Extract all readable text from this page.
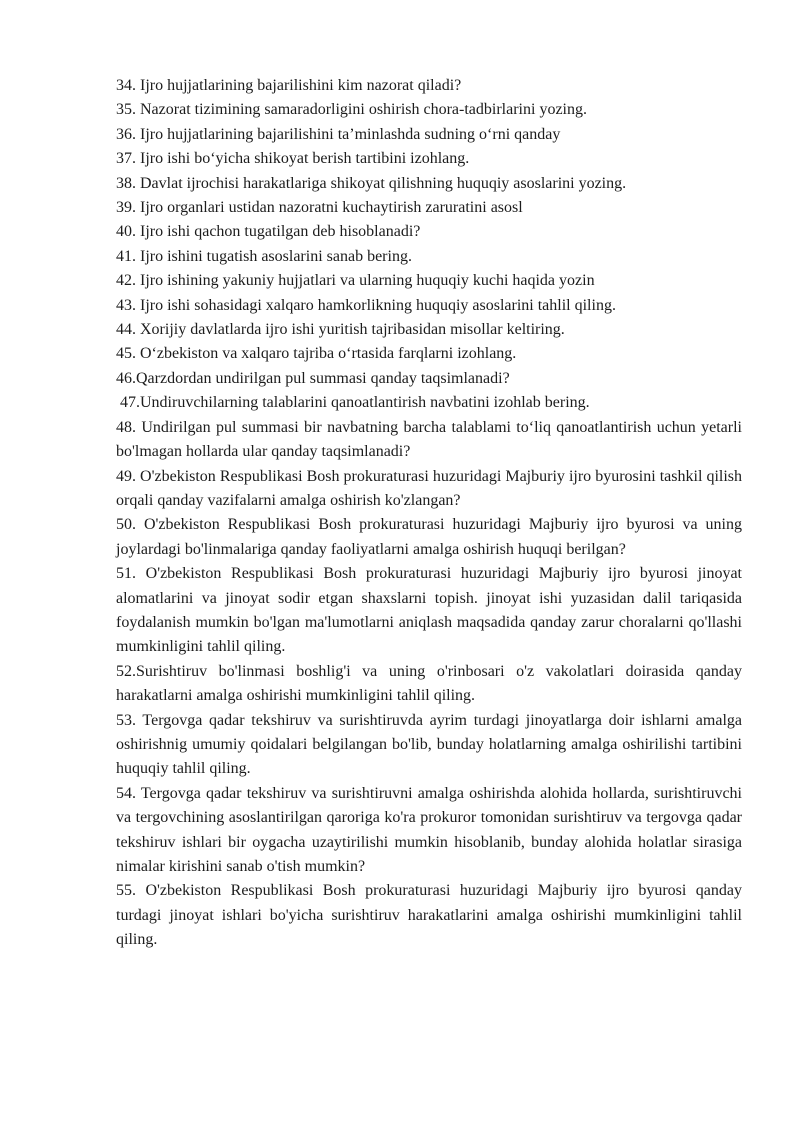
34. Ijro hujjatlarining bajarilishini kim nazorat qiladi?

35. Nazorat tizimining samaradorligini oshirish chora-tadbirlarini yozing.

36. Ijro hujjatlarining bajarilishini taʼminlashda sudning oʻrni qanday

37. Ijro ishi boʻyicha shikoyat berish tartibini izohlang.

38. Davlat ijrochisi harakatlariga shikoyat qilishning huquqiy asoslarini yozing.

39. Ijro organlari ustidan nazoratni kuchaytirish zaruratini asosl

40. Ijro ishi qachon tugatilgan deb hisoblanadi?

41. Ijro ishini tugatish asoslarini sanab bering.

42. Ijro ishining yakuniy hujjatlari va ularning huquqiy kuchi haqida yozin

43. Ijro ishi sohasidagi xalqaro hamkorlikning huquqiy asoslarini tahlil qiling.

44. Xorijiy davlatlarda ijro ishi yuritish tajribasidan misollar keltiring.

45. Oʻzbekiston va xalqaro tajriba oʻrtasida farqlarni izohlang.

46.Qarzdordan undirilgan pul summasi qanday taqsimlanadi?

47.Undiruvchilarning talablarini qanoatlantirish navbatini izohlab bering.

48. Undirilgan pul summasi bir navbatning barcha talablami toʻliq qanoatlantirish uchun yetarli    bo'lmagan hollarda ular qanday taqsimlanadi?

49. O'zbekiston Respublikasi Bosh prokuraturasi huzuridagi Majburiy ijro byurosini tashkil qilish orqali qanday vazifalarni amalga oshirish ko'zlangan?

50. O'zbekiston Respublikasi Bosh prokuraturasi huzuridagi Majburiy ijro byurosi va uning joylardagi bo'linmalariga qanday faoliyatlarni amalga oshirish huquqi berilgan?

51. O'zbekiston Respublikasi Bosh prokuraturasi huzuridagi Majburiy ijro byurosi jinoyat alomatlarini va jinoyat sodir etgan shaxslarni topish. jinoyat ishi yuzasidan dalil tariqasida foydalanish mumkin bo'lgan ma'lumotlarni aniqlash maqsadida qanday zarur choralarni qo'llashi mumkinligini tahlil qiling.

52.Surishtiruv bo'linmasi boshlig'i va uning o'rinbosari o'z vakolatlari doirasida qanday harakatlarni amalga oshirishi mumkinligini tahlil qiling.

53. Tergovga qadar tekshiruv va surishtiruvda ayrim turdagi jinoyatlarga doir ishlarni amalga oshirishnig umumiy qoidalari belgilangan bo'lib, bunday holatlarning amalga oshirilishi tartibini huquqiy tahlil qiling.

54. Tergovga qadar tekshiruv va surishtiruvni amalga oshirishda alohida hollarda, surishtiruvchi va tergovchining asoslantirilgan qaroriga ko'ra prokuror tomonidan surishtiruv va tergovga qadar tekshiruv ishlari bir oygacha uzaytirilishi mumkin hisoblanib, bunday alohida holatlar sirasiga nimalar kirishini sanab o'tish mumkin?

55. O'zbekiston Respublikasi Bosh prokuraturasi huzuridagi Majburiy ijro byurosi qanday turdagi jinoyat ishlari bo'yicha surishtiruv harakatlarini amalga oshirishi mumkinligini tahlil qiling.
